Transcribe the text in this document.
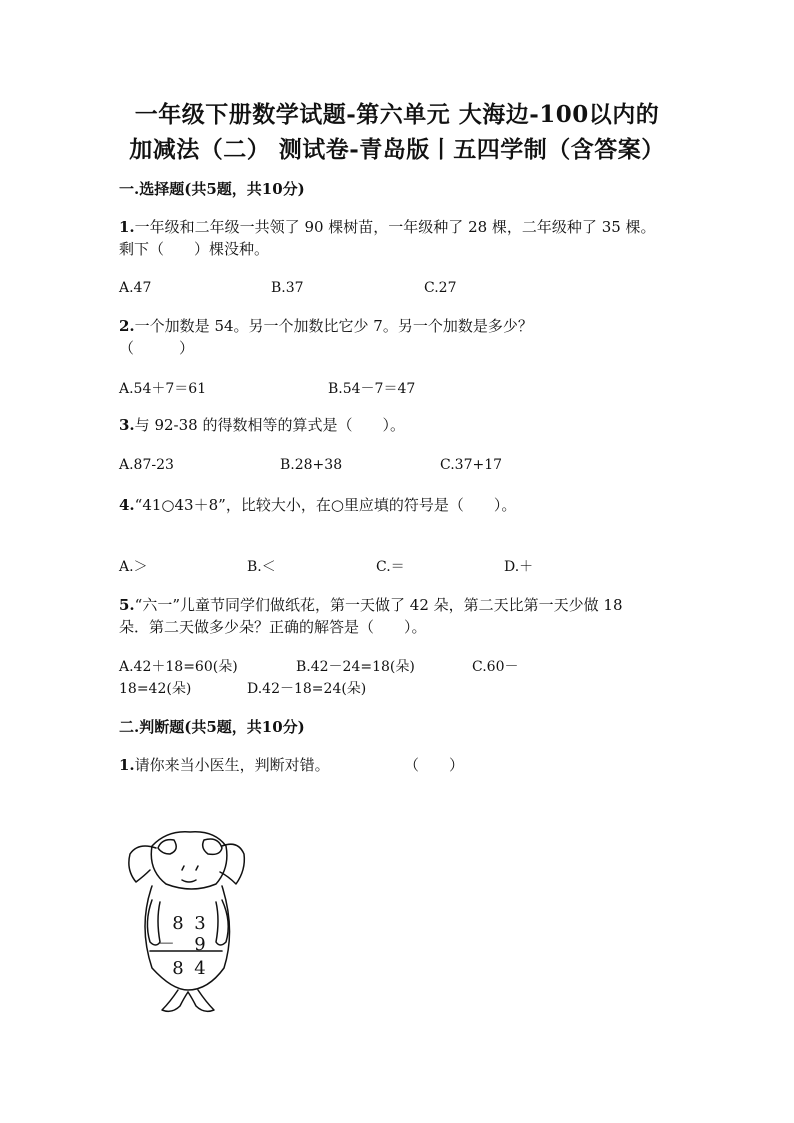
一年级下册数学试题-第六单元 大海边-100以内的
加减法（二） 测试卷-青岛版丨五四学制（含答案）
一.选择题(共5题，共10分)
1.一年级和二年级一共领了 90 棵树苗，一年级种了 28 棵，二年级种了 35 棵。
剩下（　　）棵没种。
A.47	B.37	C.27
2.一个加数是 54。另一个加数比它少 7。另一个加数是多少？
（　　　）
A.54＋7＝61	B.54－7＝47
3.与 92-38 的得数相等的算式是（　　）。
A.87-23	B.28+38	C.37+17
4.“41○43＋8”，比较大小，在○里应填的符号是（　　）。
A.＞	B.＜	C.＝	D.＋
5.“六一”儿童节同学们做纸花，第一天做了 42 朵，第二天比第一天少做 18
朵．第二天做多少朵？正确的解答是（　　）。
A.42＋18=60(朵)	B.42－24=18(朵)	C.60－
18=42(朵)	D.42－18=24(朵)
二.判断题(共5题，共10分)
1.请你来当小医生，判断对错。	（　　）
8 3
－ 9
8 4
